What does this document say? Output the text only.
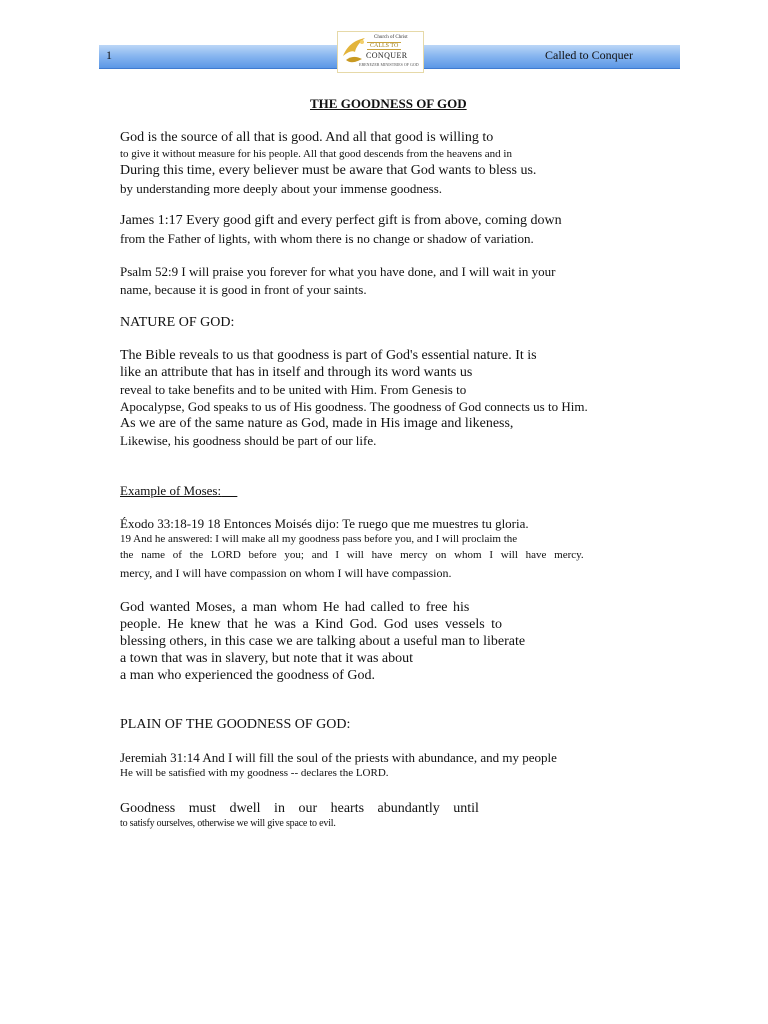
1	Called to Conquer
Church of Christ
CALLS TO
CONQUER
EBENEZER MINISTRIES OF GOD
THE GOODNESS OF GOD
God is the source of all that is good. And all that good is willing to
to give it without measure for his people. All that good descends from the heavens and in
During this time, every believer must be aware that God wants to bless us.
by understanding more deeply about your immense goodness.
James 1:17 Every good gift and every perfect gift is from above, coming down
from the Father of lights, with whom there is no change or shadow of variation.
Psalm 52:9 I will praise you forever for what you have done, and I will wait in your
name, because it is good in front of your saints.
NATURE OF GOD:
The Bible reveals to us that goodness is part of God's essential nature. It is
like an attribute that has in itself and through its word wants us
reveal to take benefits and to be united with Him. From Genesis to
Apocalypse, God speaks to us of His goodness. The goodness of God connects us to Him.
As we are of the same nature as God, made in His image and likeness,
Likewise, his goodness should be part of our life.
Example of Moses:
Éxodo 33:18-19 18 Entonces Moisés dijo: Te ruego que me muestres tu gloria.
19 And he answered: I will make all my goodness pass before you, and I will proclaim the
the name of the LORD before you; and I will have mercy on whom I will have mercy.
mercy, and I will have compassion on whom I will have compassion.
God wanted Moses, a man whom He had called to free his
people. He knew that he was a Kind God. God uses vessels to
blessing others, in this case we are talking about a useful man to liberate
a town that was in slavery, but note that it was about
a man who experienced the goodness of God.
PLAIN OF THE GOODNESS OF GOD:
Jeremiah 31:14 And I will fill the soul of the priests with abundance, and my people
He will be satisfied with my goodness -- declares the LORD.
Goodness must dwell in our hearts abundantly until
to satisfy ourselves, otherwise we will give space to evil.
